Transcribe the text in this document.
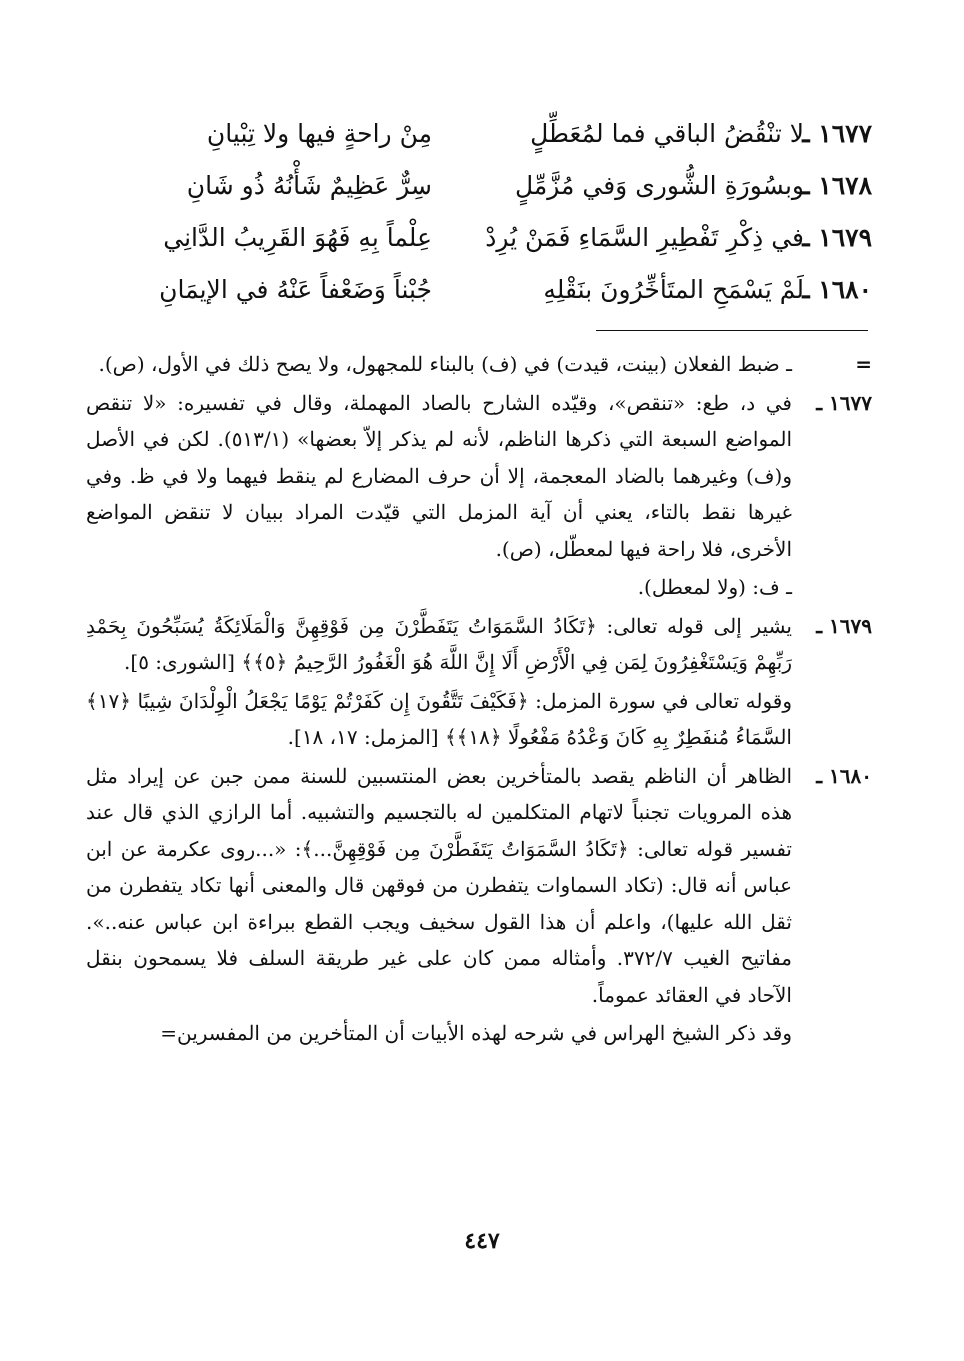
١٦٧٧ ـ
لا تنْقُضُ الباقي فما لمُعَطِّلٍ
مِنْ راحةٍ فيها ولا تِبْيانِ
١٦٧٨ ـ
وبسُورَةِ الشُّورى وَفي مُزَّمِّلٍ
سِرٌّ عَظِيمٌ شَأْنُهُ ذُو شَانِ
١٦٧٩ ـ
في ذِكْرِ تَفْطِيرِ السَّمَاءِ فَمَنْ يُرِدْ
عِلْماً بِهِ فَهُوَ القَرِيبُ الدَّانِي
١٦٨٠ ـ
لَمْ يَسْمَحِ المتَأخِّرُونَ بنَقْلِهِ
جُبْناً وَضَعْفاً عَنْهُ في الإيمَانِ
=

ـ ضبط الفعلان (بينت، قيدت) في (ف) بالبناء للمجهول، ولا يصح ذلك في الأول، (ص).

١٦٧٧ ـ

في د، طع: «تنقص»، وقيّده الشارح بالصاد المهملة، وقال في تفسيره: «لا تنقص المواضع السبعة التي ذكرها الناظم، لأنه لم يذكر إلاّ بعضها» (٥١٣/١). لكن في الأصل و(ف) وغيرهما بالضاد المعجمة، إلا أن حرف المضارع لم ينقط فيهما ولا في ظ. وفي غيرها نقط بالتاء، يعني أن آية المزمل التي قيّدت المراد ببيان لا تنقض المواضع الأخرى، فلا راحة فيها لمعطّل، (ص).

ـ ف: (ولا لمعطل).

١٦٧٩ ـ

يشير إلى قوله تعالى: ﴿تَكَادُ السَّمَوَاتُ يَتَفَطَّرْنَ مِن فَوْقِهِنَّ وَالْمَلَائِكَةُ يُسَبِّحُونَ بِحَمْدِ رَبِّهِمْ وَيَسْتَغْفِرُونَ لِمَن فِي الْأَرْضِ أَلَا إِنَّ اللَّهَ هُوَ الْغَفُورُ الرَّحِيمُ ﴿٥﴾﴾ [الشورى: ٥].

وقوله تعالى في سورة المزمل: ﴿فَكَيْفَ تَتَّقُونَ إِن كَفَرْتُمْ يَوْمًا يَجْعَلُ الْوِلْدَانَ شِيبًا ﴿١٧﴾ السَّمَاءُ مُنفَطِرٌ بِهِ كَانَ وَعْدُهُ مَفْعُولًا ﴿١٨﴾﴾ [المزمل: ١٧، ١٨].

١٦٨٠ ـ

الظاهر أن الناظم يقصد بالمتأخرين بعض المنتسبين للسنة ممن جبن عن إيراد مثل هذه المرويات تجنباً لاتهام المتكلمين له بالتجسيم والتشبيه. أما الرازي الذي قال عند تفسير قوله تعالى: ﴿تَكَادُ السَّمَوَاتُ يَتَفَطَّرْنَ مِن فَوْقِهِنَّ...﴾: «...روى عكرمة عن ابن عباس أنه قال: (تكاد السماوات يتفطرن من فوقهن قال والمعنى أنها تكاد يتفطرن من ثقل الله عليها)، واعلم أن هذا القول سخيف ويجب القطع ببراءة ابن عباس عنه..». مفاتيح الغيب ٣٧٢/٧. وأمثاله ممن كان على غير طريقة السلف فلا يسمحون بنقل الآحاد في العقائد عموماً.

وقد ذكر الشيخ الهراس في شرحه لهذه الأبيات أن المتأخرين من المفسرين=

٤٤٧
